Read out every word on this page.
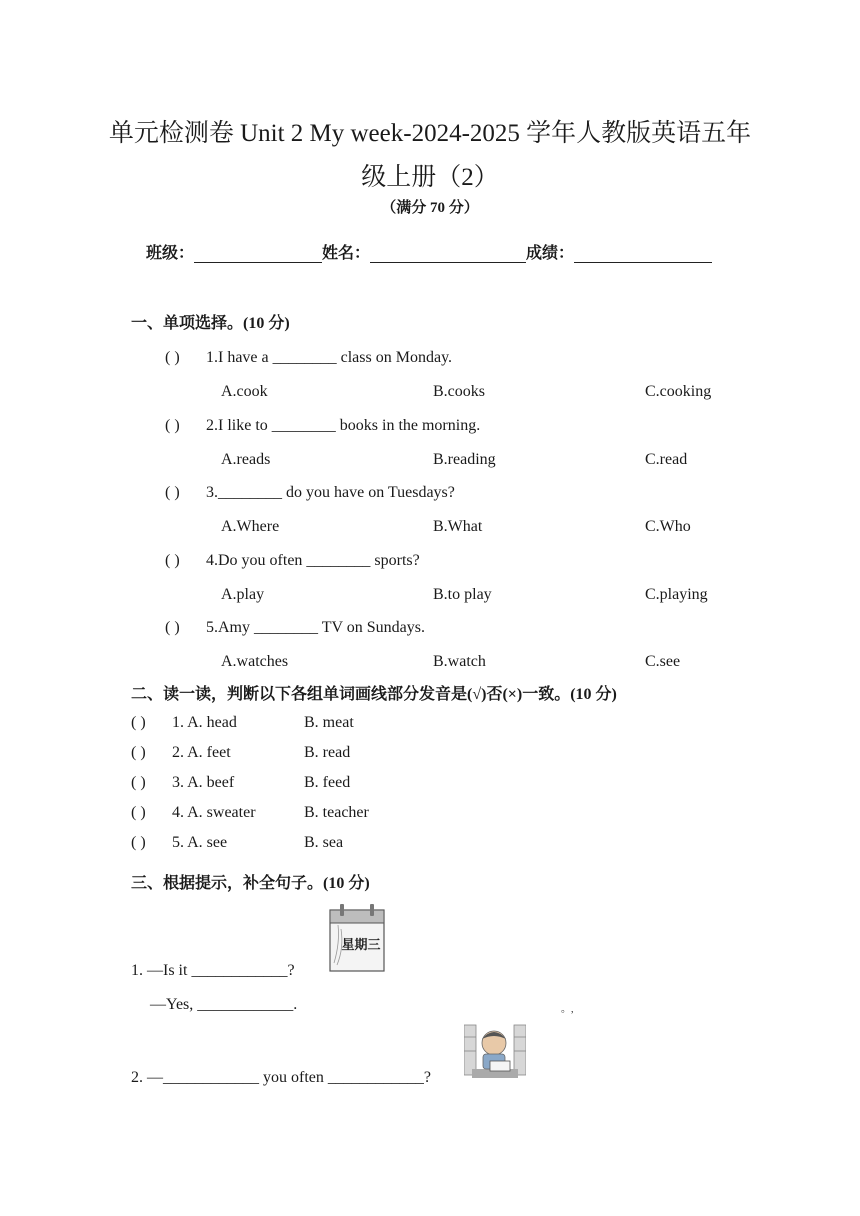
单元检测卷 Unit 2 My week-2024-2025 学年人教版英语五年
级上册（2）
（满分 70 分）
班级：	姓名：	成绩：
一、单项选择。(10 分)
( ) 1.I have a ________ class on Monday.
A.cook	B.cooks	C.cooking
( ) 2.I like to ________ books in the morning.
A.reads	B.reading	C.read
( ) 3.________ do you have on Tuesdays?
A.Where	B.What	C.Who
( ) 4.Do you often ________ sports?
A.play	B.to play	C.playing
( ) 5.Amy ________ TV on Sundays.
A.watches	B.watch	C.see
二、读一读，判断以下各组单词画线部分发音是(√)否(×)一致。(10 分)
( ) 1. A. head	B. meat
( ) 2. A. feet	B. read
( ) 3. A. beef	B. feed
( ) 4. A. sweater	B. teacher
( ) 5. A. see	B. sea
三、根据提示，补全句子。(10 分)
星期三
1. —Is it ____________?
—Yes, ____________.	。,
2. —____________ you often ____________?
